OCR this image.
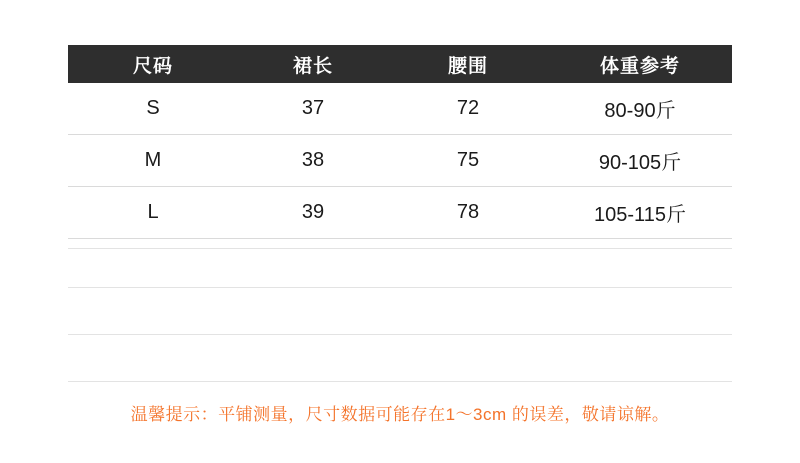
尺码	裙长	腰围	体重参考
S	37	72	80-90斤
M	38	75	90-105斤
L	39	78	105-115斤
温馨提示：平铺测量，尺寸数据可能存在1～3cm 的误差，敬请谅解。
